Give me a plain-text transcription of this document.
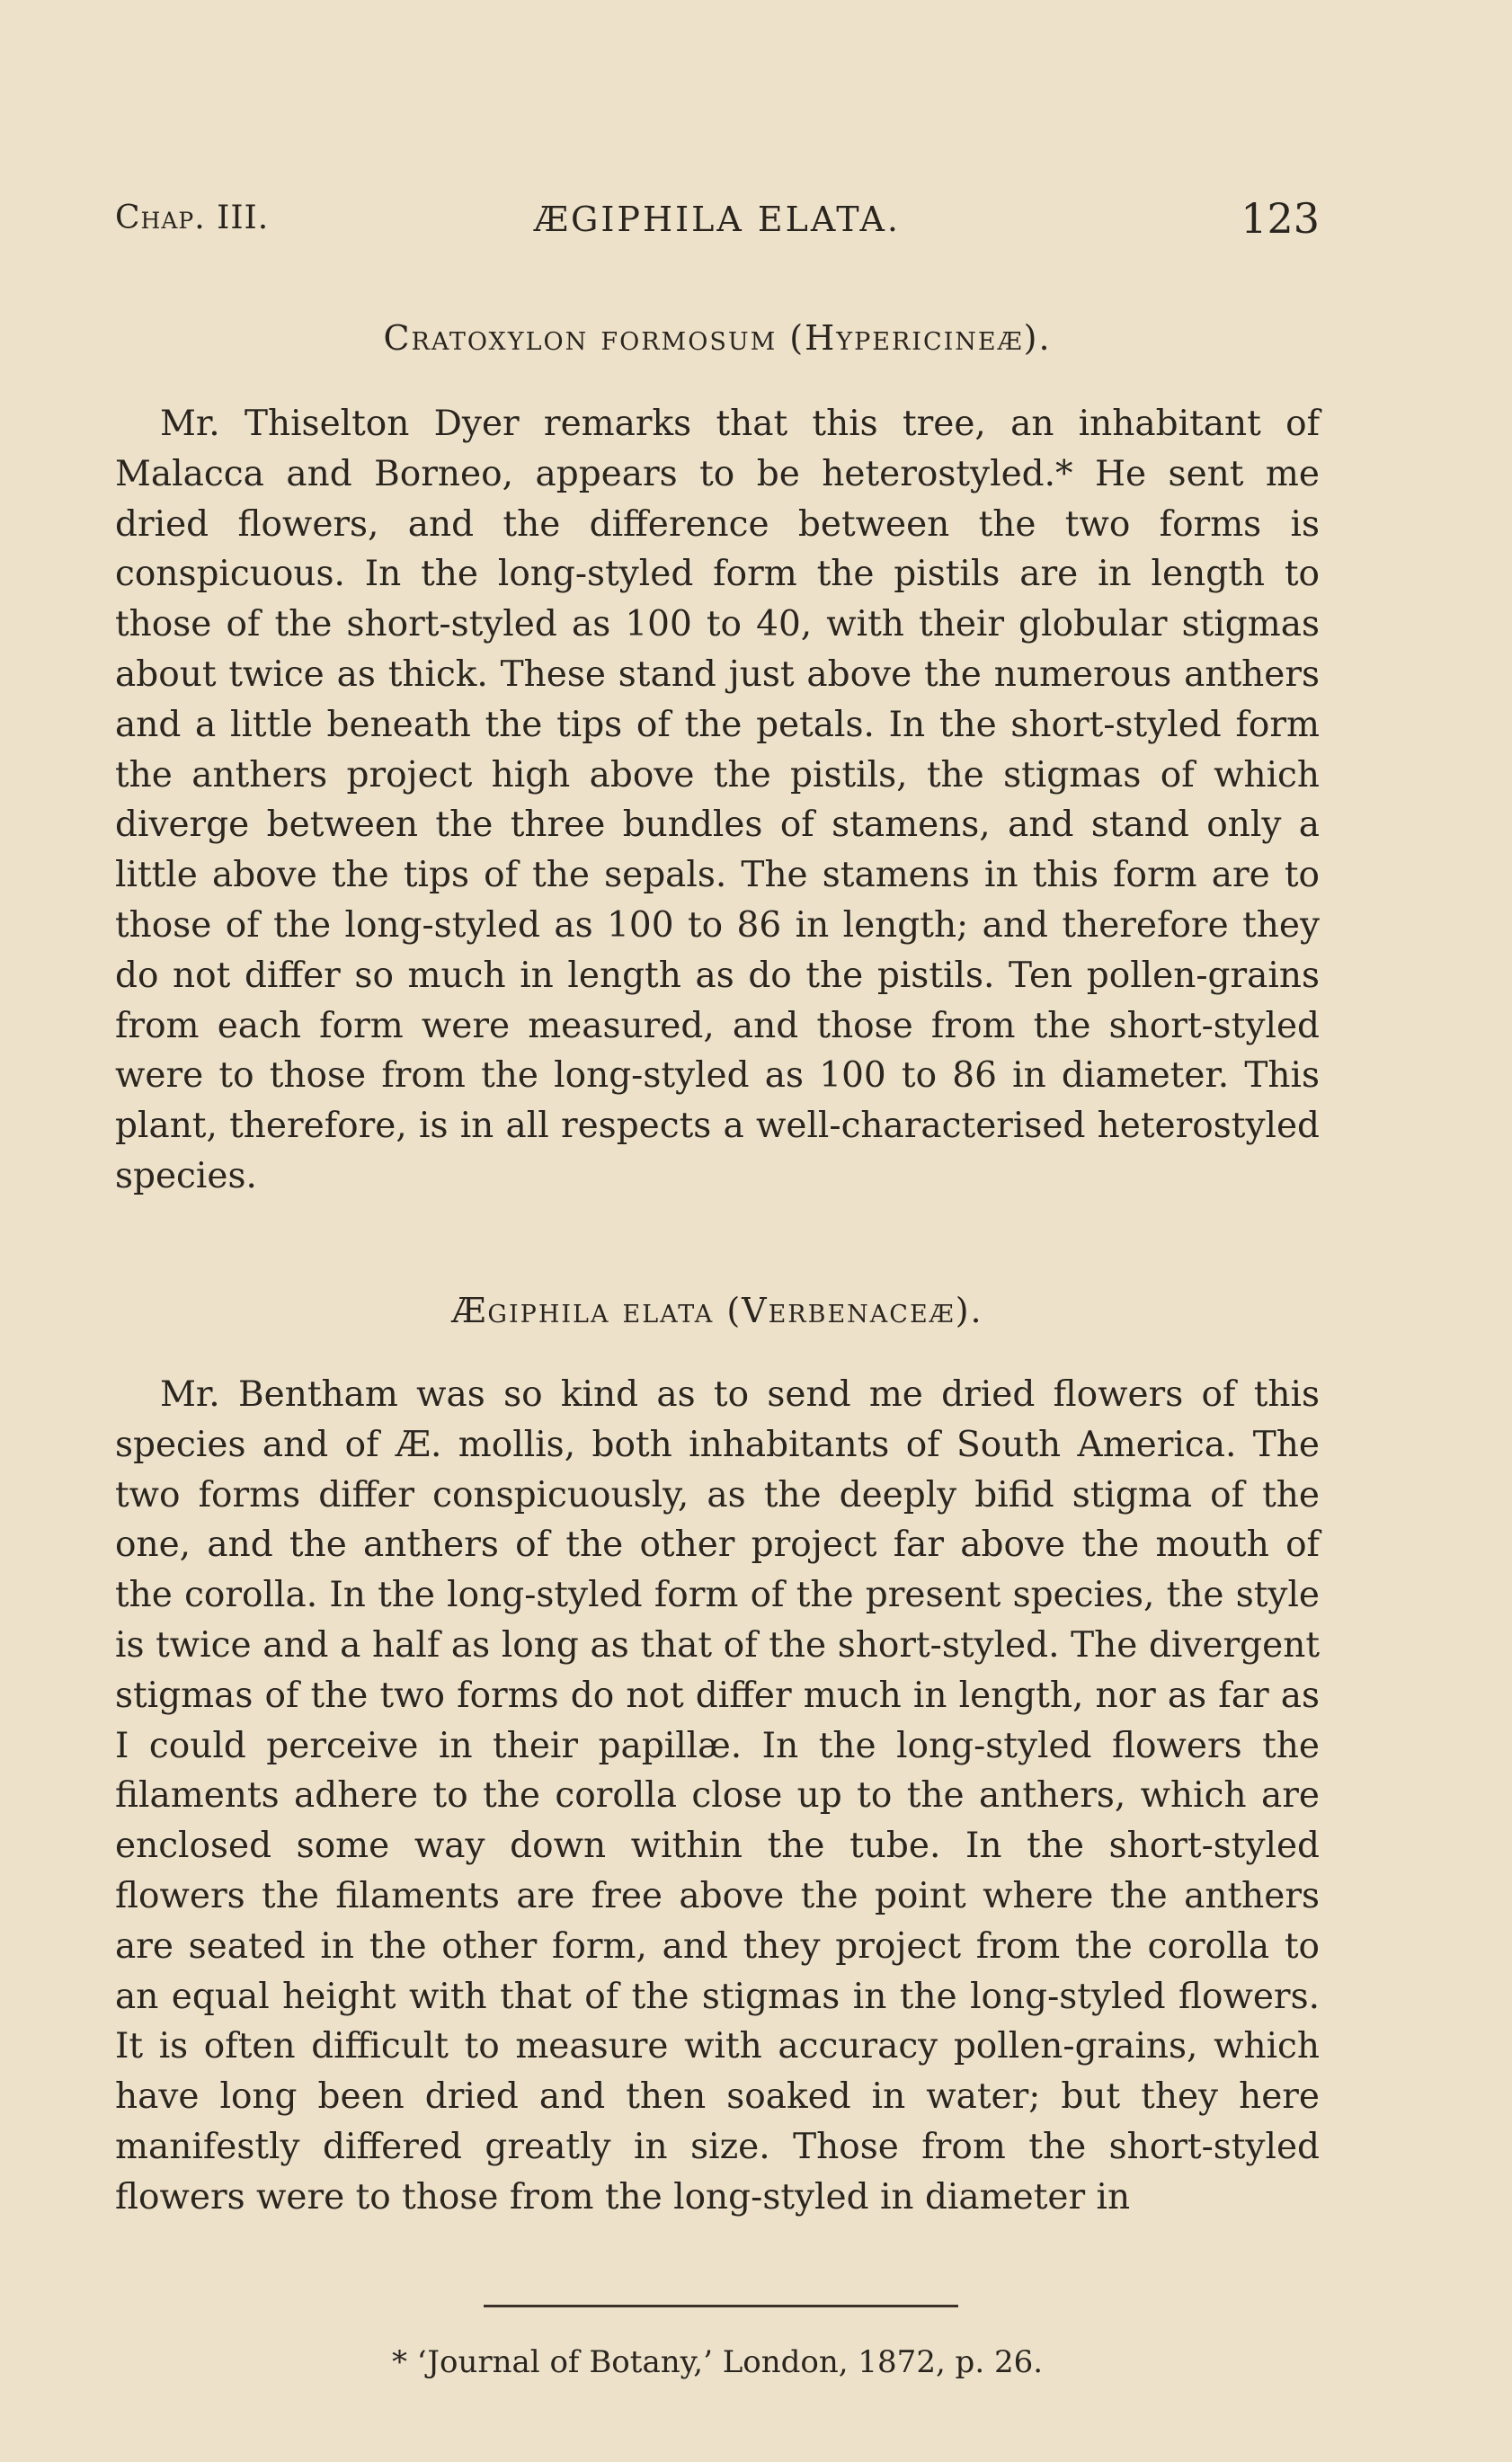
Chap. III.	ÆGIPHILA ELATA.	123
Cratoxylon formosum (Hypericineæ).
Mr. Thiselton Dyer remarks that this tree, an inhabitant of Malacca and Borneo, appears to be heterostyled.* He sent me dried flowers, and the difference between the two forms is conspicuous. In the long-styled form the pistils are in length to those of the short-styled as 100 to 40, with their globular stigmas about twice as thick. These stand just above the numerous anthers and a little beneath the tips of the petals. In the short-styled form the anthers project high above the pistils, the stigmas of which diverge between the three bundles of stamens, and stand only a little above the tips of the sepals. The stamens in this form are to those of the long-styled as 100 to 86 in length; and therefore they do not differ so much in length as do the pistils. Ten pollen-grains from each form were measured, and those from the short-styled were to those from the long-styled as 100 to 86 in diameter. This plant, therefore, is in all respects a well-characterised heterostyled species.
Ægiphila elata (Verbenaceæ).
Mr. Bentham was so kind as to send me dried flowers of this species and of Æ. mollis, both inhabitants of South America. The two forms differ conspicuously, as the deeply bifid stigma of the one, and the anthers of the other project far above the mouth of the corolla. In the long-styled form of the present species, the style is twice and a half as long as that of the short-styled. The divergent stigmas of the two forms do not differ much in length, nor as far as I could perceive in their papillæ. In the long-styled flowers the filaments adhere to the corolla close up to the anthers, which are enclosed some way down within the tube. In the short-styled flowers the filaments are free above the point where the anthers are seated in the other form, and they project from the corolla to an equal height with that of the stigmas in the long-styled flowers. It is often difficult to measure with accuracy pollen-grains, which have long been dried and then soaked in water; but they here manifestly differed greatly in size. Those from the short-styled flowers were to those from the long-styled in diameter in
* ‘Journal of Botany,’ London, 1872, p. 26.
